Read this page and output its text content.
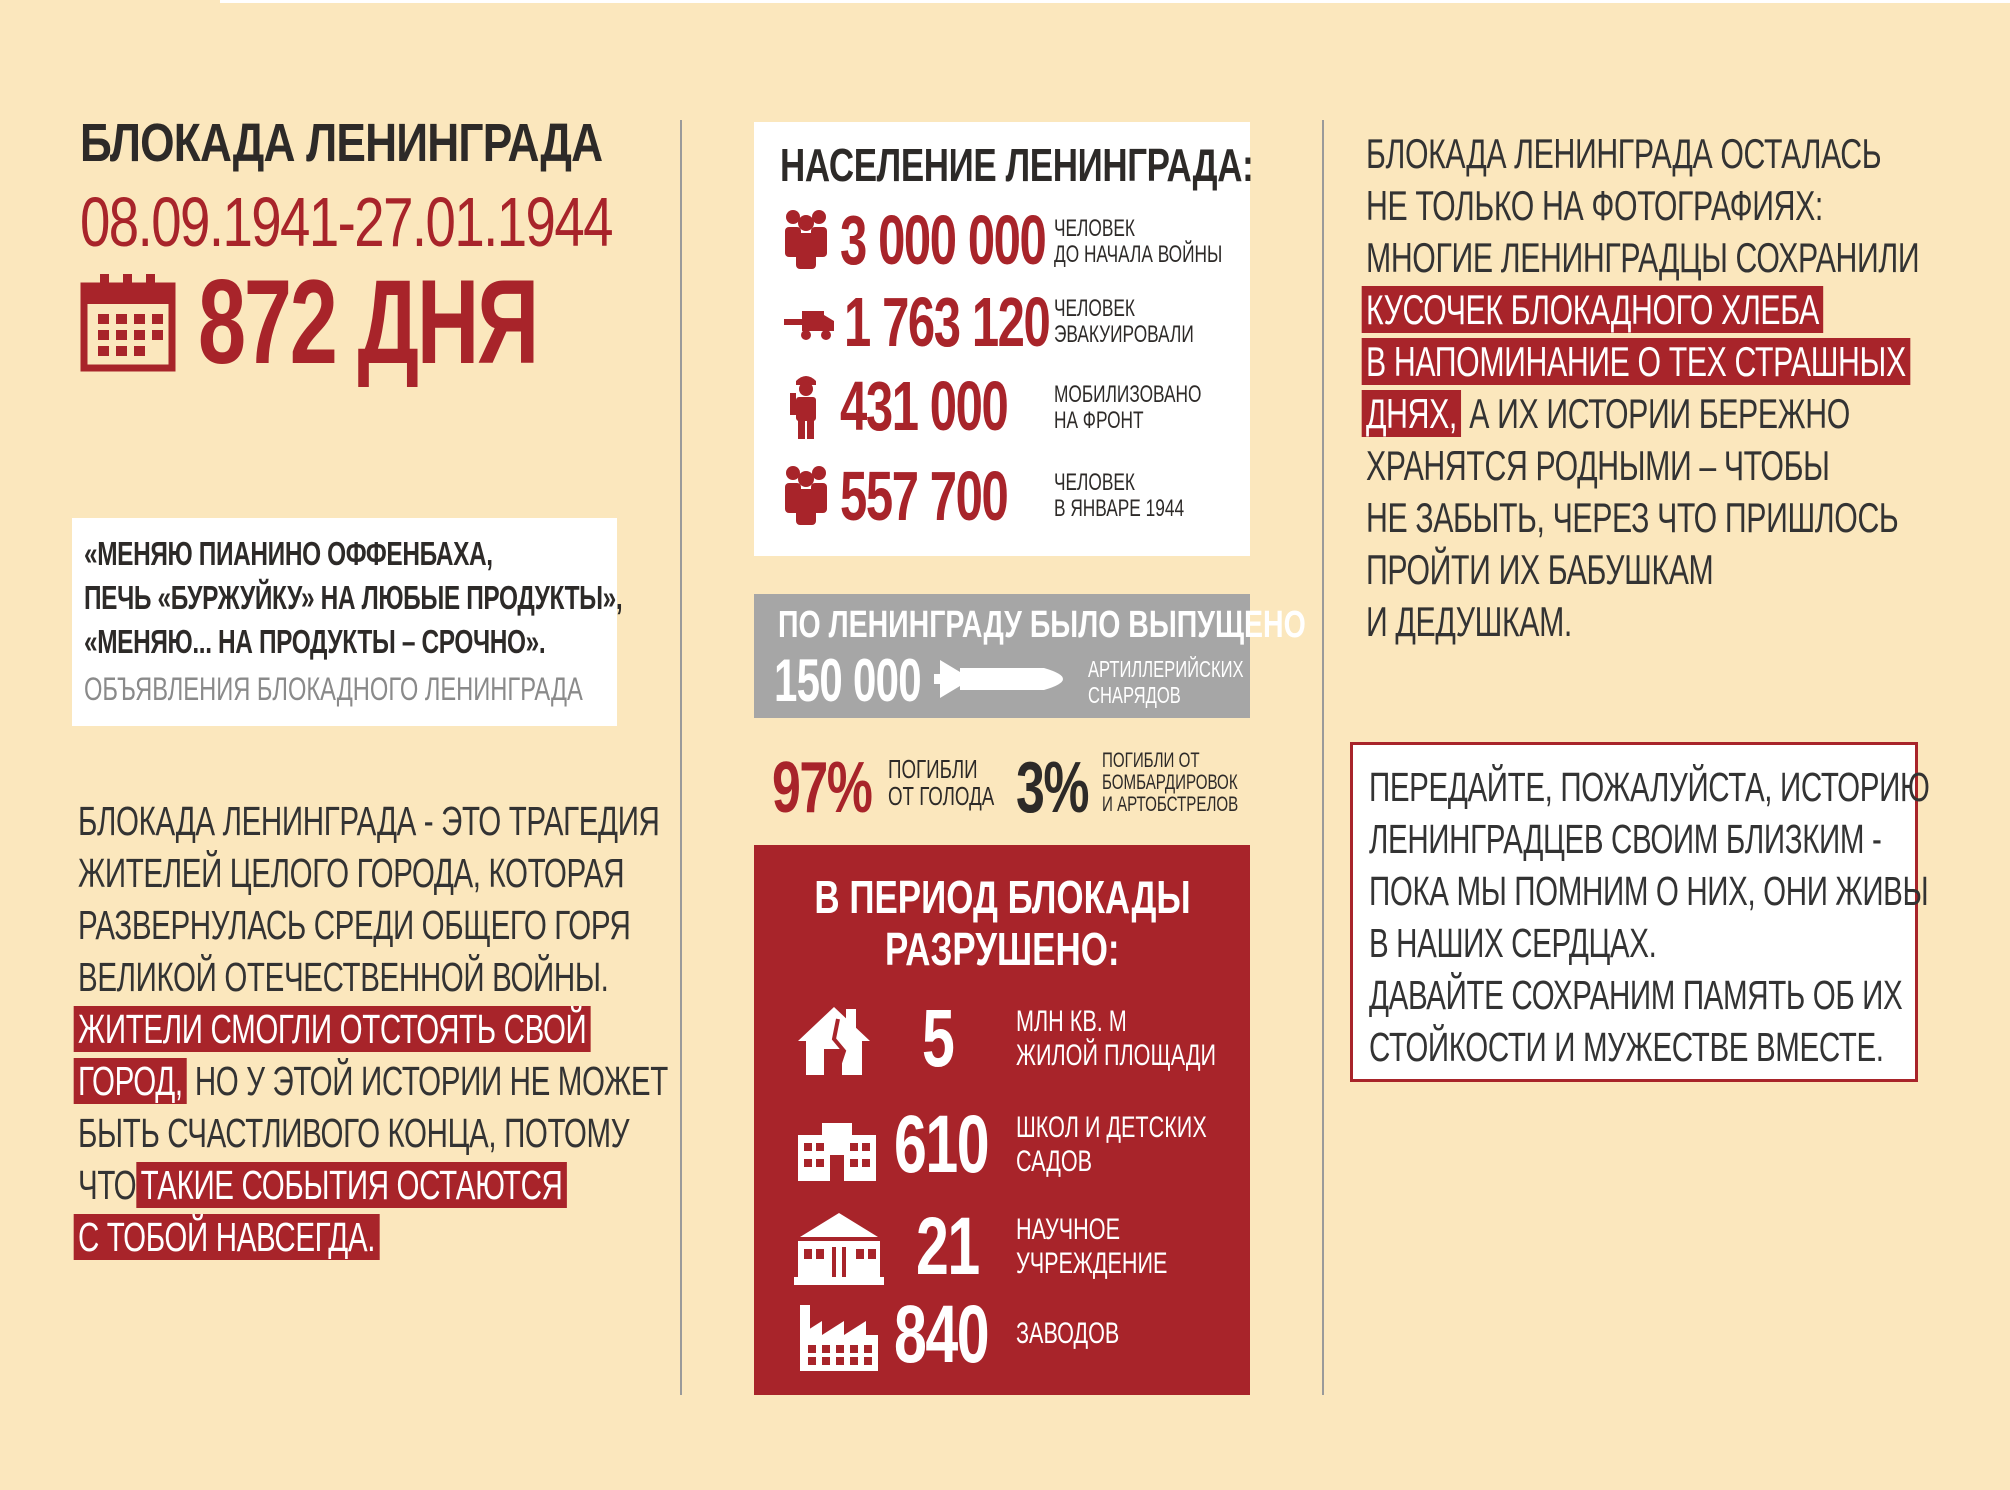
БЛОКАДА ЛЕНИНГРАДА
08.09.1941-27.01.1944
872 ДНЯ
«МЕНЯЮ ПИАНИНО ОФФЕНБАХА,
ПЕЧЬ «БУРЖУЙКУ» НА ЛЮБЫЕ ПРОДУКТЫ»,
«МЕНЯЮ... НА ПРОДУКТЫ – СРОЧНО».
ОБЪЯВЛЕНИЯ БЛОКАДНОГО ЛЕНИНГРАДА
БЛОКАДА ЛЕНИНГРАДА - ЭТО ТРАГЕДИЯ
ЖИТЕЛЕЙ ЦЕЛОГО ГОРОДА, КОТОРАЯ
РАЗВЕРНУЛАСЬ СРЕДИ ОБЩЕГО ГОРЯ
ВЕЛИКОЙ ОТЕЧЕСТВЕННОЙ ВОЙНЫ.
ЖИТЕЛИ СМОГЛИ ОТСТОЯТЬ СВОЙ
ГОРОД, НО У ЭТОЙ ИСТОРИИ НЕ МОЖЕТ
БЫТЬ СЧАСТЛИВОГО КОНЦА, ПОТОМУ
ЧТО ТАКИЕ СОБЫТИЯ ОСТАЮТСЯ
С ТОБОЙ НАВСЕГДА.
НАСЕЛЕНИЕ ЛЕНИНГРАДА:
3 000 000 ЧЕЛОВЕК
ДО НАЧАЛА ВОЙНЫ
1 763 120 ЧЕЛОВЕК
ЭВАКУИРОВАЛИ
431 000 МОБИЛИЗОВАНО
НА ФРОНТ
557 700 ЧЕЛОВЕК
В ЯНВАРЕ 1944
ПО ЛЕНИНГРАДУ БЫЛО ВЫПУЩЕНО
150 000	АРТИЛЛЕРИЙСКИХ
СНАРЯДОВ
97% ПОГИБЛИ
ОТ ГОЛОДА 3% ПОГИБЛИ ОТ
БОМБАРДИРОВОК
И АРТОБСТРЕЛОВ
В ПЕРИОД БЛОКАДЫ
РАЗРУШЕНО:
5 МЛН КВ. М
ЖИЛОЙ ПЛОЩАДИ
610 ШКОЛ И ДЕТСКИХ
САДОВ
21 НАУЧНОЕ
УЧРЕЖДЕНИЕ
840 ЗАВОДОВ
БЛОКАДА ЛЕНИНГРАДА ОСТАЛАСЬ
НЕ ТОЛЬКО НА ФОТОГРАФИЯХ:
МНОГИЕ ЛЕНИНГРАДЦЫ СОХРАНИЛИ
КУСОЧЕК БЛОКАДНОГО ХЛЕБА
В НАПОМИНАНИЕ О ТЕХ СТРАШНЫХ
ДНЯХ, А ИХ ИСТОРИИ БЕРЕЖНО
ХРАНЯТСЯ РОДНЫМИ – ЧТОБЫ
НЕ ЗАБЫТЬ, ЧЕРЕЗ ЧТО ПРИШЛОСЬ
ПРОЙТИ ИХ БАБУШКАМ
И ДЕДУШКАМ.
ПЕРЕДАЙТЕ, ПОЖАЛУЙСТА, ИСТОРИЮ
ЛЕНИНГРАДЦЕВ СВОИМ БЛИЗКИМ -
ПОКА МЫ ПОМНИМ О НИХ, ОНИ ЖИВЫ
В НАШИХ СЕРДЦАХ.
ДАВАЙТЕ СОХРАНИМ ПАМЯТЬ ОБ ИХ
СТОЙКОСТИ И МУЖЕСТВЕ ВМЕСТЕ.
